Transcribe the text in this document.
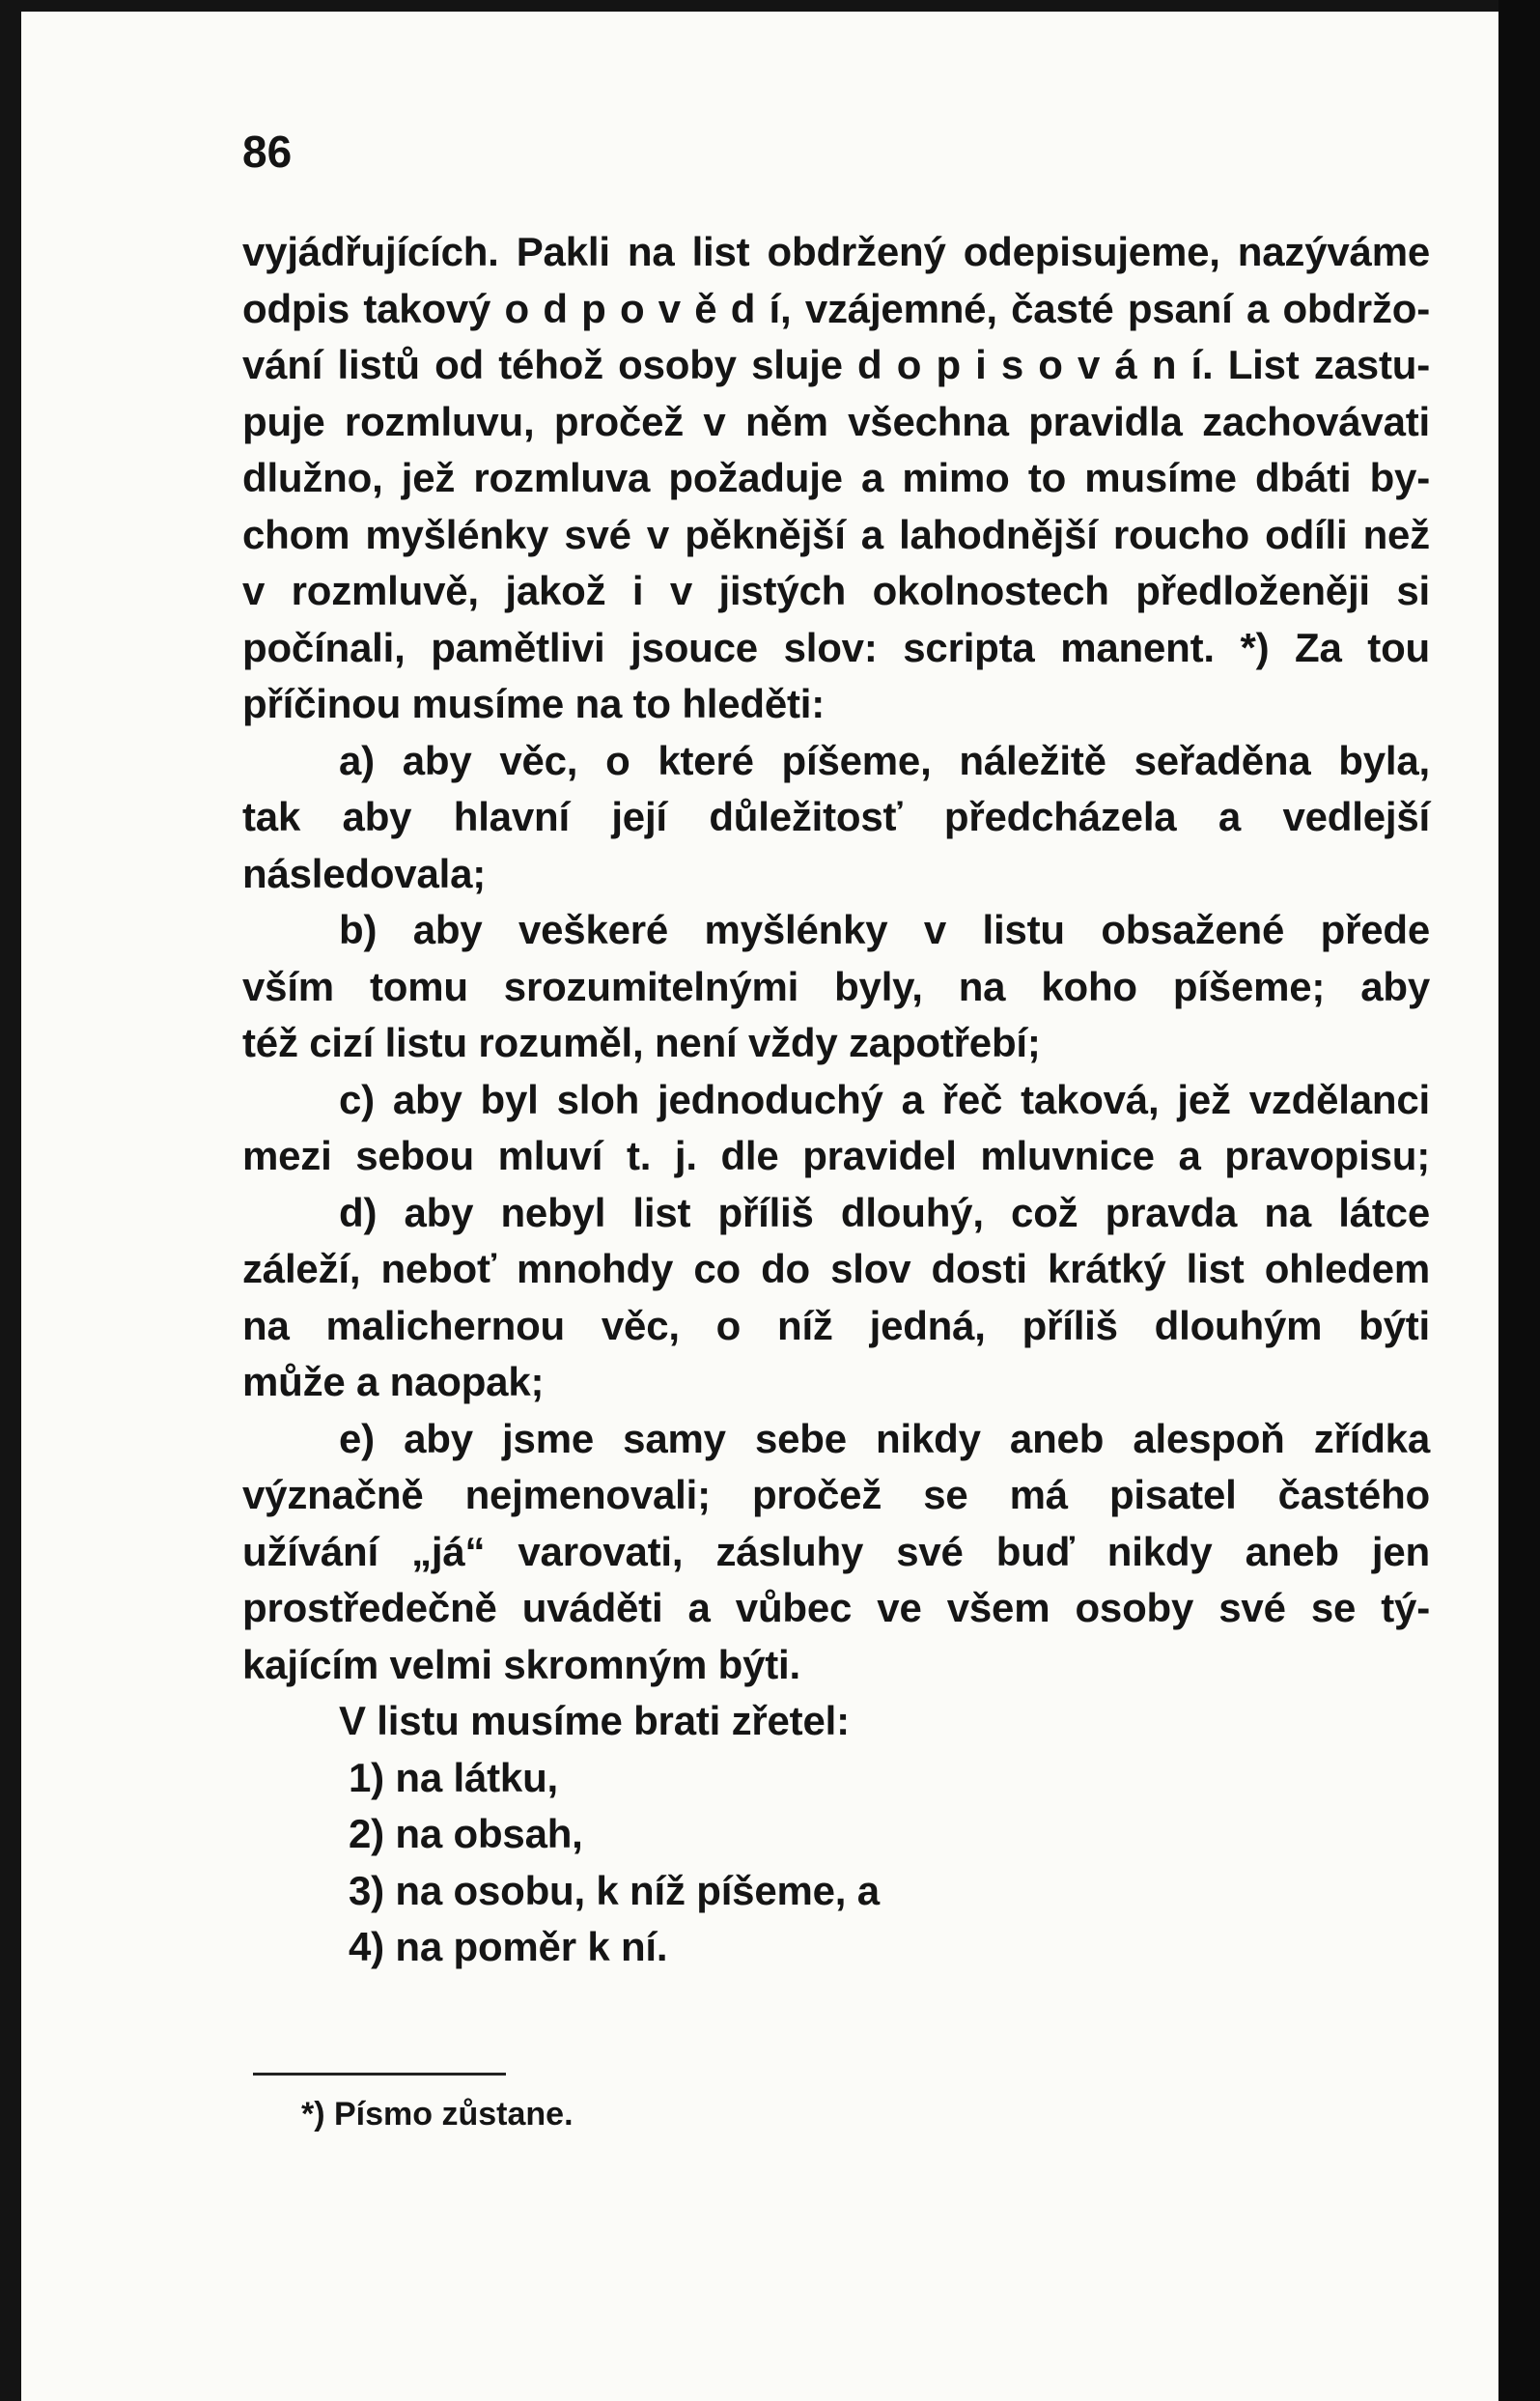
86
vyjádřujících. Pakli na list obdržený odepisujeme, nazýváme
odpis takový o d p o v ě d í, vzájemné, časté psaní a obdržo-
vání listů od téhož osoby sluje d o p i s o v á n í. List zastu-
puje rozmluvu, pročež v něm všechna pravidla zachovávati
dlužno, jež rozmluva požaduje a mimo to musíme dbáti by-
chom myšlénky své v pěknější a lahodnější roucho odíli než
v rozmluvě, jakož i v jistých okolnostech předloženěji si
počínali, pamětlivi jsouce slov: scripta manent. *) Za tou
příčinou musíme na to hleděti:
a) aby věc, o které píšeme, náležitě seřaděna byla,
tak aby hlavní její důležitosť předcházela a vedlejší
následovala;
b) aby veškeré myšlénky v listu obsažené přede
vším tomu srozumitelnými byly, na koho píšeme; aby
též cizí listu rozuměl, není vždy zapotřebí;
c) aby byl sloh jednoduchý a řeč taková, jež vzdělanci
mezi sebou mluví t. j. dle pravidel mluvnice a pravopisu;
d) aby nebyl list příliš dlouhý, což pravda na látce
záleží, neboť mnohdy co do slov dosti krátký list ohledem
na malichernou věc, o níž jedná, příliš dlouhým býti
může a naopak;
e) aby jsme samy sebe nikdy aneb alespoň zřídka
význačně nejmenovali; pročež se má pisatel častého
užívání „já“ varovati, zásluhy své buď nikdy aneb jen
prostředečně uváděti a vůbec ve všem osoby své se tý-
kajícím velmi skromným býti.
V listu musíme brati zřetel:
1) na látku,
2) na obsah,
3) na osobu, k níž píšeme, a
4) na poměr k ní.
*) Písmo zůstane.
